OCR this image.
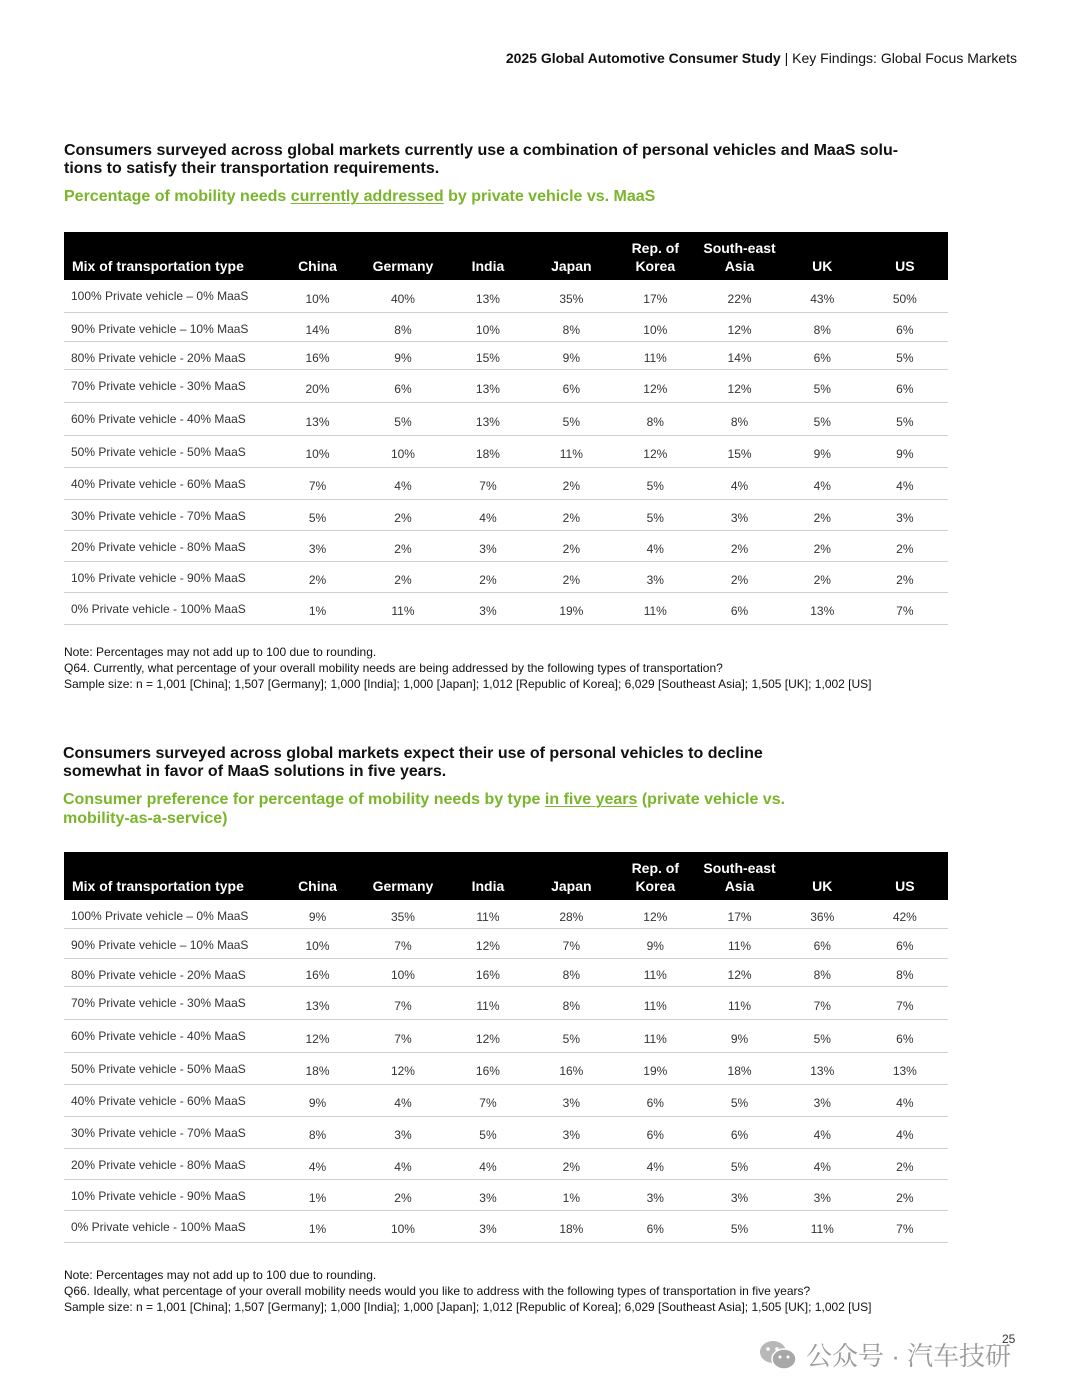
2025 Global Automotive Consumer Study | Key Findings: Global Focus Markets
Consumers surveyed across global markets currently use a combination of personal vehicles and MaaS solu-tions to satisfy their transportation requirements.
Percentage of mobility needs currently addressed by private vehicle vs. MaaS
Mix of transportation type	China	Germany	India	Japan	Rep. of Korea	South-east Asia	UK	US
100% Private vehicle – 0% MaaS	10%	40%	13%	35%	17%	22%	43%	50%
90% Private vehicle – 10% MaaS	14%	8%	10%	8%	10%	12%	8%	6%
80% Private vehicle - 20% MaaS	16%	9%	15%	9%	11%	14%	6%	5%
70% Private vehicle - 30% MaaS	20%	6%	13%	6%	12%	12%	5%	6%
60% Private vehicle - 40% MaaS	13%	5%	13%	5%	8%	8%	5%	5%
50% Private vehicle - 50% MaaS	10%	10%	18%	11%	12%	15%	9%	9%
40% Private vehicle - 60% MaaS	7%	4%	7%	2%	5%	4%	4%	4%
30% Private vehicle - 70% MaaS	5%	2%	4%	2%	5%	3%	2%	3%
20% Private vehicle - 80% MaaS	3%	2%	3%	2%	4%	2%	2%	2%
10% Private vehicle - 90% MaaS	2%	2%	2%	2%	3%	2%	2%	2%
0% Private vehicle - 100% MaaS	1%	11%	3%	19%	11%	6%	13%	7%
Note: Percentages may not add up to 100 due to rounding.
Q64. Currently, what percentage of your overall mobility needs are being addressed by the following types of transportation?
Sample size: n = 1,001 [China]; 1,507 [Germany]; 1,000 [India]; 1,000 [Japan]; 1,012 [Republic of Korea]; 6,029 [Southeast Asia]; 1,505 [UK]; 1,002 [US]
Consumers surveyed across global markets expect their use of personal vehicles to decline somewhat in favor of MaaS solutions in five years.
Consumer preference for percentage of mobility needs by type in five years (private vehicle vs. mobility-as-a-service)
Mix of transportation type	China	Germany	India	Japan	Rep. of Korea	South-east Asia	UK	US
100% Private vehicle – 0% MaaS	9%	35%	11%	28%	12%	17%	36%	42%
90% Private vehicle – 10% MaaS	10%	7%	12%	7%	9%	11%	6%	6%
80% Private vehicle - 20% MaaS	16%	10%	16%	8%	11%	12%	8%	8%
70% Private vehicle - 30% MaaS	13%	7%	11%	8%	11%	11%	7%	7%
60% Private vehicle - 40% MaaS	12%	7%	12%	5%	11%	9%	5%	6%
50% Private vehicle - 50% MaaS	18%	12%	16%	16%	19%	18%	13%	13%
40% Private vehicle - 60% MaaS	9%	4%	7%	3%	6%	5%	3%	4%
30% Private vehicle - 70% MaaS	8%	3%	5%	3%	6%	6%	4%	4%
20% Private vehicle - 80% MaaS	4%	4%	4%	2%	4%	5%	4%	2%
10% Private vehicle - 90% MaaS	1%	2%	3%	1%	3%	3%	3%	2%
0% Private vehicle - 100% MaaS	1%	10%	3%	18%	6%	5%	11%	7%
Note: Percentages may not add up to 100 due to rounding.
Q66. Ideally, what percentage of your overall mobility needs would you like to address with the following types of transportation in five years?
Sample size: n = 1,001 [China]; 1,507 [Germany]; 1,000 [India]; 1,000 [Japan]; 1,012 [Republic of Korea]; 6,029 [Southeast Asia]; 1,505 [UK]; 1,002 [US]
25
公众号 · 汽车技研
